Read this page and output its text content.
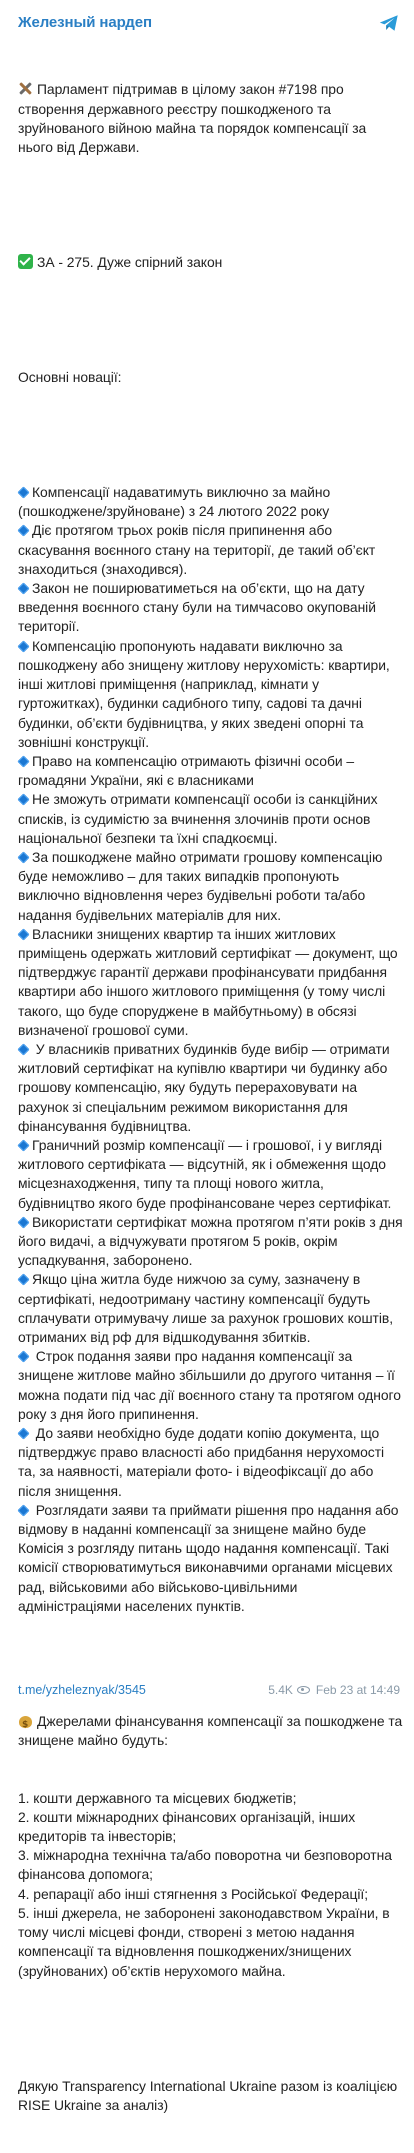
Железный нардеп

Парламент підтримав в цілому закон #7198 про створення державного реєстру пошкодженого та зруйнованого війною майна та порядок компенсації за нього від Держави.

ЗА - 275. Дуже спірний закон

Основні новації:

Компенсації надаватимуть виключно за майно (пошкоджене/зруйноване) з 24 лютого 2022 року

Діє протягом трьох років після припинення або скасування воєнного стану на території, де такий об’єкт знаходиться (знаходився).

Закон не поширюватиметься на об’єкти, що на дату введення воєнного стану були на тимчасово окупованій території.

Компенсацію пропонують надавати виключно за пошкоджену або знищену житлову нерухомість: квартири, інші житлові приміщення (наприклад, кімнати у гуртожитках), будинки садибного типу, садові та дачні будинки, об’єкти будівництва, у яких зведені опорні та зовнішні конструкції.

Право на компенсацію отримають фізичні особи – громадяни України, які є власниками

Не зможуть отримати компенсації особи із санкційних списків, із судимістю за вчинення злочинів проти основ національної безпеки та їхні спадкоємці.

За пошкоджене майно отримати грошову компенсацію буде неможливо – для таких випадків пропонують виключно відновлення через будівельні роботи та/або надання будівельних матеріалів для них.

Власники знищених квартир та інших житлових приміщень одержать житловий сертифікат — документ, що підтверджує гарантії держави профінансувати придбання квартири або іншого житлового приміщення (у тому числі такого, що буде споруджене в майбутньому) в обсязі визначеної грошової суми.

У власників приватних будинків буде вибір — отримати житловий сертифікат на купівлю квартири чи будинку або грошову компенсацію, яку будуть перераховувати на рахунок зі спеціальним режимом використання для фінансування будівництва.

Граничний розмір компенсації — і грошової, і у вигляді житлового сертифіката — відсутній, як і обмеження щодо місцезнаходження, типу та площі нового житла, будівництво якого буде профінансоване через сертифікат.

Використати сертифікат можна протягом п’яти років з дня його видачі, а відчужувати протягом 5 років, окрім успадкування, заборонено.

Якщо ціна житла буде нижчою за суму, зазначену в сертифікаті, недоотриману частину компенсації будуть сплачувати отримувачу лише за рахунок грошових коштів, отриманих від рф для відшкодування збитків.

Строк подання заяви про надання компенсації за знищене житлове майно збільшили до другого читання – її можна подати під час дії воєнного стану та протягом одного року з дня його припинення.

До заяви необхідно буде додати копію документа, що підтверджує право власності або придбання нерухомості та, за наявності, матеріали фото- і відеофіксації до або після знищення.

Розглядати заяви та приймати рішення про надання або відмову в наданні компенсації за знищене майно буде Комісія з розгляду питань щодо надання компенсації. Такі комісії створюватимуться виконавчими органами місцевих рад, військовими або військово-цивільними адміністраціями населених пунктів.

$Джерелами фінансування компенсації за пошкоджене та знищене майно будуть:

1. кошти державного та місцевих бюджетів;

2. кошти міжнародних фінансових організацій, інших кредиторів та інвесторів;

3. міжнародна технічна та/або поворотна чи безповоротна фінансова допомога;

4. репарації або інші стягнення з Російської Федерації;

5. інші джерела, не заборонені законодавством України, в тому числі місцеві фонди, створені з метою надання компенсації та відновлення пошкоджених/знищених (зруйнованих) об’єктів нерухомого майна.

Дякую Transparency International Ukraine разом із коаліцією RISE Ukraine за аналіз)

t.me/yzheleznyak/3545	5.4K Feb 23 at 14:49
